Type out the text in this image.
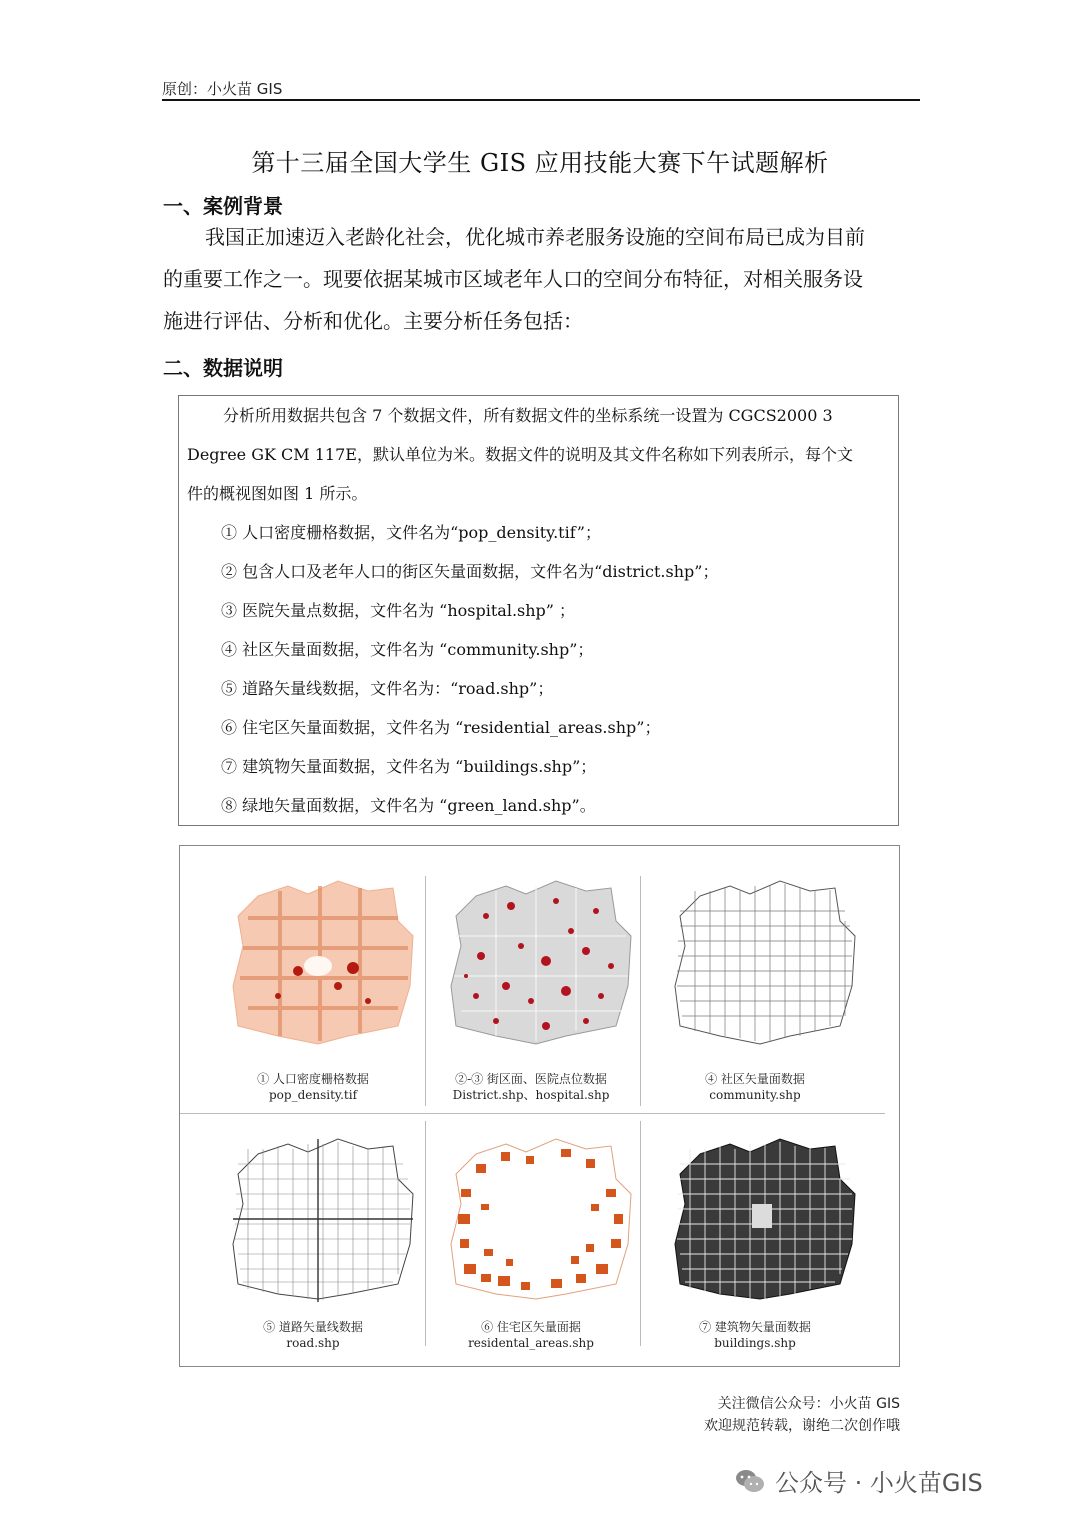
原创：小火苗 GIS
第十三届全国大学生 GIS 应用技能大赛下午试题解析
一、案例背景
我国正加速迈入老龄化社会，优化城市养老服务设施的空间布局已成为目前
的重要工作之一。现要依据某城市区域老年人口的空间分布特征，对相关服务设
施进行评估、分析和优化。主要分析任务包括：
二、数据说明
分析所用数据共包含 7 个数据文件，所有数据文件的坐标系统一设置为 CGCS2000 3
Degree GK CM 117E，默认单位为米。数据文件的说明及其文件名称如下列表所示，每个文
件的概视图如图 1 所示。
① 人口密度栅格数据，文件名为“pop_density.tif”；
② 包含人口及老年人口的街区矢量面数据，文件名为“district.shp”；
③ 医院矢量点数据，文件名为 “hospital.shp” ；
④ 社区矢量面数据，文件名为 “community.shp”；
⑤ 道路矢量线数据，文件名为：“road.shp”；
⑥ 住宅区矢量面数据，文件名为 “residential_areas.shp”；
⑦ 建筑物矢量面数据，文件名为 “buildings.shp”；
⑧ 绿地矢量面数据，文件名为 “green_land.shp”。
① 人口密度栅格数据
pop_density.tif
②-③ 街区面、医院点位数据
District.shp、hospital.shp
④ 社区矢量面数据
community.shp
⑤ 道路矢量线数据
road.shp
⑥ 住宅区矢量面据
residental_areas.shp
⑦ 建筑物矢量面数据
buildings.shp
关注微信公众号：小火苗 GIS
欢迎规范转载，谢绝二次创作哦
公众号 · 小火苗GIS
